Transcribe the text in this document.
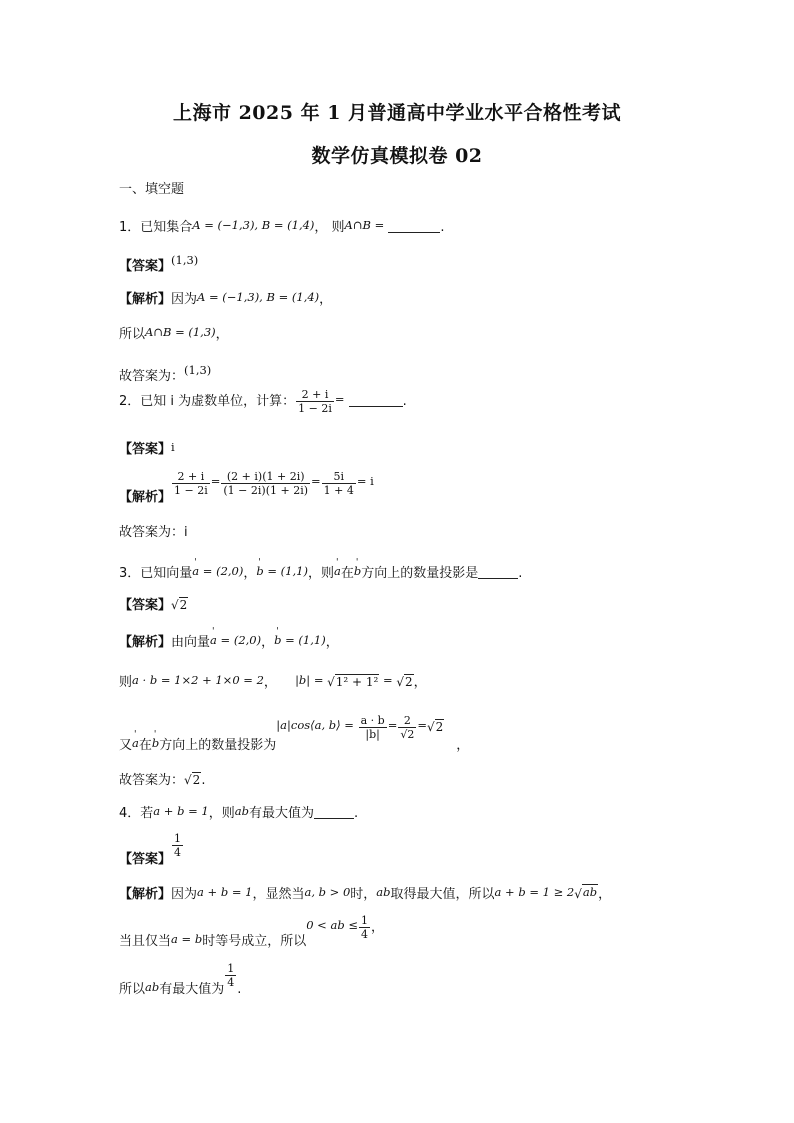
上海市 2025 年 1 月普通高中学业水平合格性考试
数学仿真模拟卷 02
一、填空题
1．已知集合A = (−1,3), B = (1,4)， 则A∩B =	.
【答案】(1,3)
【解析】因为A = (−1,3), B = (1,4)，
所以A∩B = (1,3)，
故答案为：(1,3)
2．已知 i 为虚数单位，计算： $\frac{2 + i}{1 - 2i}$ =	.
【答案】i
【解析】
$\frac{2 + i}{1 - 2i} = \frac{(2 + i)(1 + 2i)}{(1 - 2i)(1 + 2i)} = \frac{5i}{1 + 4} = i$
故答案为：i
3．已知向量' a = (2,0)，' b = (1,1)，则' a在' b方向上的数量投影是	.
【答案】√2
【解析】由向量' a = (2,0)，' b = (1,1)，
则a · b = 1×2 + 1×0 = 2， |b| = √1² + 1² = √2，
又' a在' b方向上的数量投影为|a|cos⟨a, b⟩ = $\frac{a \cdot b}{|b|} = \frac{2}{√2} =√2$，
故答案为：√2.
4．若a + b = 1，则ab有最大值为	.
【答案】
$\frac{1}{4}$
【解析】因为a + b = 1，显然当a, b > 0时，ab取得最大值，所以a + b = 1 ≥ 2√ab，
当且仅当a = b时等号成立，所以0 < ab ≤ $\frac{1}{4}$ ，
所以ab有最大值为
$\frac{1}{4}$
.
